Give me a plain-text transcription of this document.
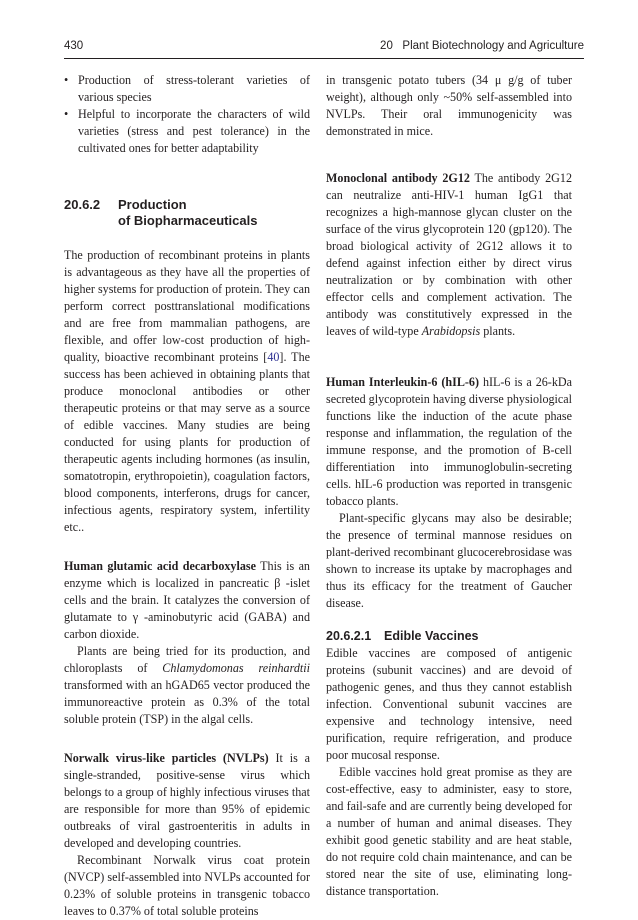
430	20   Plant Biotechnology and Agriculture
• Production of stress-tolerant varieties of various species
• Helpful to incorporate the characters of wild varieties (stress and pest tolerance) in the cultivated ones for better adaptability
20.6.2 Production
of Biopharmaceuticals

The production of recombinant proteins in plants is advantageous as they have all the properties of higher systems for production of protein. They can perform correct posttranslational modifications and are free from mammalian pathogens, are flexible, and offer low-cost production of high-quality, bioactive recombinant proteins [40]. The success has been achieved in obtaining plants that produce monoclonal antibodies or other therapeutic proteins or that may serve as a source of edible vaccines. Many studies are being conducted for using plants for production of therapeutic agents including hormones (as insulin, somatotropin, erythropoietin), coagulation factors, blood components, interferons, drugs for cancer, infectious agents, respiratory system, infertility etc..

Human glutamic acid decarboxylase This is an enzyme which is localized in pancreatic β -islet cells and the brain. It catalyzes the conversion of glutamate to γ -aminobutyric acid (GABA) and carbon dioxide.

Plants are being tried for its production, and chloroplasts of Chlamydomonas reinhardtii transformed with an hGAD65 vector produced the immunoreactive protein as 0.3% of the total soluble protein (TSP) in the algal cells.

Norwalk virus-like particles (NVLPs) It is a single-stranded, positive-sense virus which belongs to a group of highly infectious viruses that are responsible for more than 95% of epidemic outbreaks of viral gastroenteritis in adults in developed and developing countries.

Recombinant Norwalk virus coat protein (NVCP) self-assembled into NVLPs accounted for 0.23% of soluble proteins in transgenic tobacco leaves to 0.37% of total soluble proteins

in transgenic potato tubers (34 μ g/g of tuber weight), although only ~50% self-assembled into NVLPs. Their oral immunogenicity was demonstrated in mice.

Monoclonal antibody 2G12 The antibody 2G12 can neutralize anti-HIV-1 human IgG1 that recognizes a high-mannose glycan cluster on the surface of the virus glycoprotein 120 (gp120). The broad biological activity of 2G12 allows it to defend against infection either by direct virus neutralization or by combination with other effector cells and complement activation. The antibody was constitutively expressed in the leaves of wild-type Arabidopsis plants.

Human Interleukin-6 (hIL-6) hIL-6 is a 26-kDa secreted glycoprotein having diverse physiological functions like the induction of the acute phase response and inflammation, the regulation of the immune response, and the promotion of B-cell differentiation into immunoglobulin-secreting cells. hIL-6 production was reported in transgenic tobacco plants.

Plant-specific glycans may also be desirable; the presence of terminal mannose residues on plant-derived recombinant glucocerebrosidase was shown to increase its uptake by macrophages and thus its efficacy for the treatment of Gaucher disease.

20.6.2.1 Edible Vaccines

Edible vaccines are composed of antigenic proteins (subunit vaccines) and are devoid of pathogenic genes, and thus they cannot establish infection. Conventional subunit vaccines are expensive and technology intensive, need purification, require refrigeration, and produce poor mucosal response.

Edible vaccines hold great promise as they are cost-effective, easy to administer, easy to store, and fail-safe and are currently being developed for a number of human and animal diseases. They exhibit good genetic stability and are heat stable, do not require cold chain maintenance, and can be stored near the site of use, eliminating long-distance transportation.
